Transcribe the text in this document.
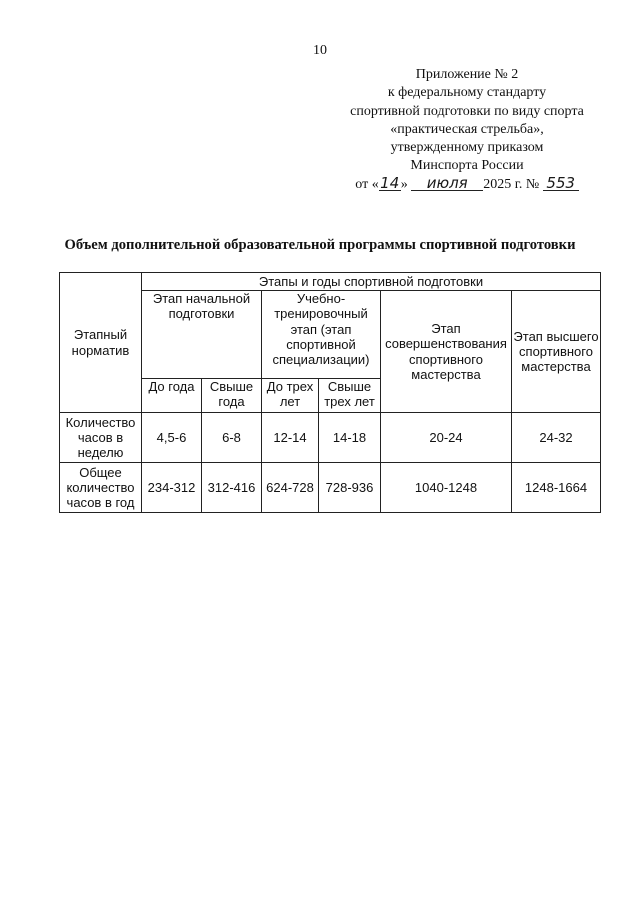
10
Приложение № 2
к федеральному стандарту
спортивной подготовки по виду спорта
«практическая стрельба»,
утвержденному приказом
Минспорта России
от «14» июля 2025 г. № 553
Объем дополнительной образовательной программы спортивной подготовки
Этапный норматив	Этапы и годы спортивной подготовки					
	Этап начальной подготовки		Учебно-тренировочный этап (этап спортивной специализации)		Этап совершенствования спортивного мастерства	Этап высшего спортивного мастерства
	До года	Свыше года	До трех лет	Свыше трех лет		
Количество часов в неделю	4,5-6	6-8	12-14	14-18	20-24	24-32
Общее количество часов в год	234-312	312-416	624-728	728-936	1040-1248	1248-1664
